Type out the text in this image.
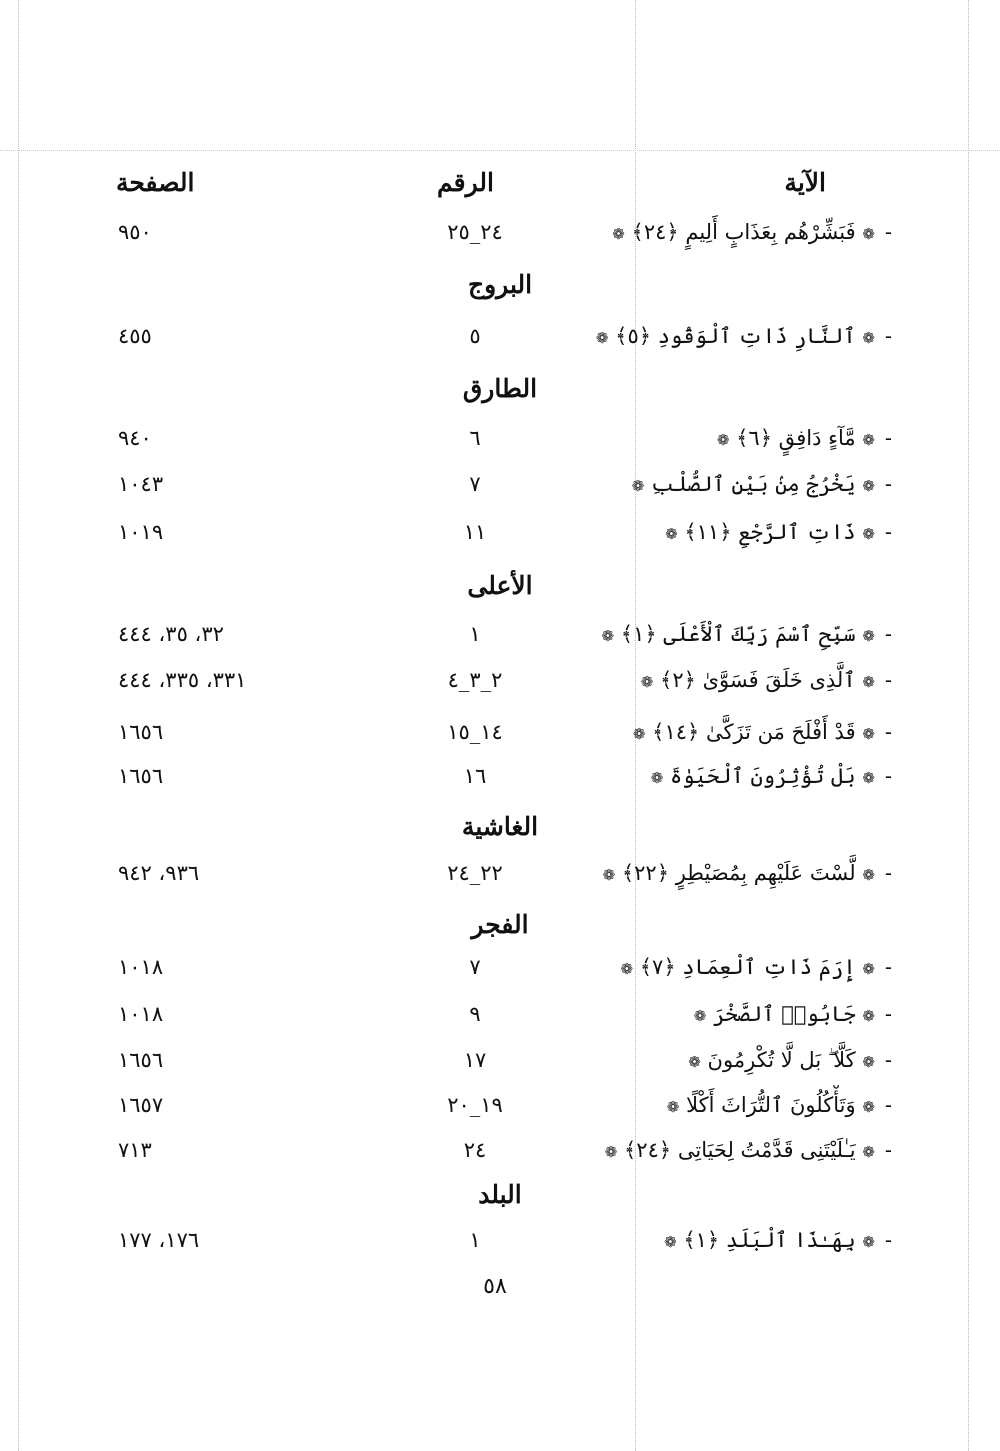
الآية
الرقم
الصفحة
-❁ فَبَشِّرْهُم بِعَذَابٍ أَلِيمٍ ﴿٢٤﴾ ❁
٢٤_٢٥
٩٥٠
البروج
-❁ ٱلنَّارِ ذَاتِ ٱلْوَقُودِ ﴿٥﴾ ❁
٥
٤٥٥
الطارق
-❁ مَّآءٍ دَافِقٍ ﴿٦﴾ ❁
٦
٩٤٠
-❁ يَخْرُجُ مِنۢ بَيْنِ ٱلصُّلْبِ ❁
٧
١٠٤٣
-❁ ذَاتِ ٱلرَّجْعِ ﴿١١﴾ ❁
١١
١٠١٩
الأعلى
-❁ سَبِّحِ ٱسْمَ رَبِّكَ ٱلْأَعْلَى ﴿١﴾ ❁
١
٣٢، ٣٥، ٤٤٤
-❁ ٱلَّذِى خَلَقَ فَسَوَّىٰ ﴿٢﴾ ❁
٢_٣_٤
٣٣١، ٣٣٥، ٤٤٤
-❁ قَدْ أَفْلَحَ مَن تَزَكَّىٰ ﴿١٤﴾ ❁
١٤_١٥
١٦٥٦
-❁ بَلْ تُؤْثِرُونَ ٱلْحَيَوٰةَ ❁
١٦
١٦٥٦
الغاشية
-❁ لَّسْتَ عَلَيْهِم بِمُصَيْطِرٍ ﴿٢٢﴾ ❁
٢٢_٢٤
٩٣٦، ٩٤٢
الفجر
-❁ إِرَمَ ذَاتِ ٱلْعِمَادِ ﴿٧﴾ ❁
٧
١٠١٨
-❁ جَابُوا۟ ٱلصَّخْرَ ❁
٩
١٠١٨
-❁ كَلَّا ۖ بَل لَّا تُكْرِمُونَ ❁
١٧
١٦٥٦
-❁ وَتَأْكُلُونَ ٱلتُّرَاثَ أَكْلًا ❁
١٩_٢٠
١٦٥٧
-❁ يَـٰلَيْتَنِى قَدَّمْتُ لِحَيَاتِى ﴿٢٤﴾ ❁
٢٤
٧١٣
البلد
-❁ بِهَـٰذَا ٱلْبَلَدِ ﴿١﴾ ❁
١
١٧٦، ١٧٧
٥٨
